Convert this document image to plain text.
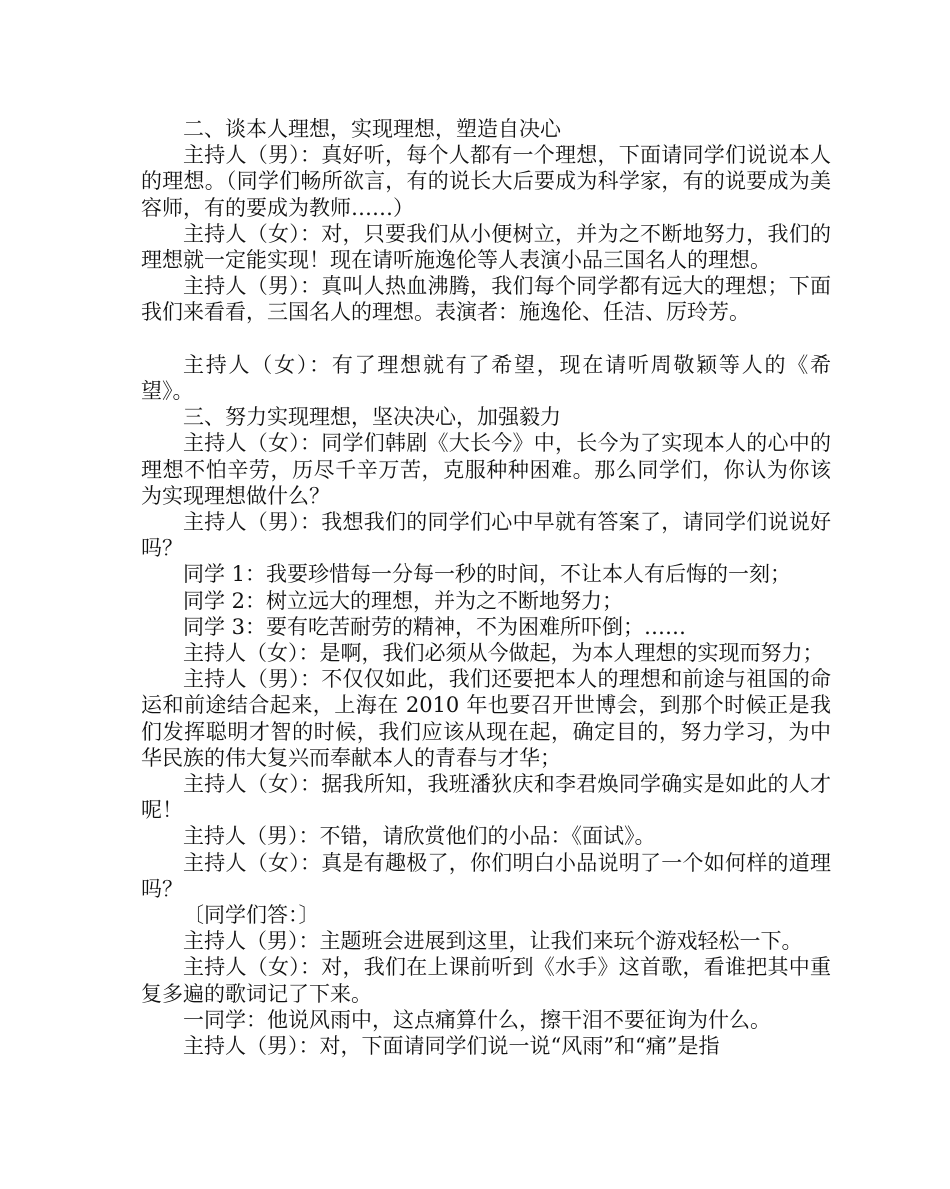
二、谈本人理想，实现理想，塑造自决心

主持人（男）：真好听，每个人都有一个理想，下面请同学们说说本人的理想。（同学们畅所欲言，有的说长大后要成为科学家，有的说要成为美容师，有的要成为教师……）

主持人（女）：对，只要我们从小便树立，并为之不断地努力，我们的理想就一定能实现！现在请听施逸伦等人表演小品三国名人的理想。

主持人（男）：真叫人热血沸腾，我们每个同学都有远大的理想；下面我们来看看，三国名人的理想。表演者：施逸伦、任洁、厉玲芳。

主持人（女）：有了理想就有了希望，现在请听周敬颖等人的《希望》。

三、努力实现理想，坚决决心，加强毅力

主持人（女）：同学们韩剧《大长今》中，长今为了实现本人的心中的理想不怕辛劳，历尽千辛万苦，克服种种困难。那么同学们，你认为你该为实现理想做什么？

主持人（男）：我想我们的同学们心中早就有答案了，请同学们说说好吗？

同学 1：我要珍惜每一分每一秒的时间，不让本人有后悔的一刻；

同学 2：树立远大的理想，并为之不断地努力；

同学 3：要有吃苦耐劳的精神，不为困难所吓倒；……

主持人（女）：是啊，我们必须从今做起，为本人理想的实现而努力；

主持人（男）：不仅仅如此，我们还要把本人的理想和前途与祖国的命运和前途结合起来，上海在 2010 年也要召开世博会，到那个时候正是我们发挥聪明才智的时候，我们应该从现在起，确定目的，努力学习，为中华民族的伟大复兴而奉献本人的青春与才华；

主持人（女）：据我所知，我班潘狄庆和李君焕同学确实是如此的人才呢！

主持人（男）：不错，请欣赏他们的小品：《面试》。

主持人（女）：真是有趣极了，你们明白小品说明了一个如何样的道理吗？

〔同学们答：〕

主持人（男）：主题班会进展到这里，让我们来玩个游戏轻松一下。

主持人（女）：对，我们在上课前听到《水手》这首歌，看谁把其中重复多遍的歌词记了下来。

一同学：他说风雨中，这点痛算什么，擦干泪不要征询为什么。

主持人（男）：对，下面请同学们说一说“风雨”和“痛”是指
